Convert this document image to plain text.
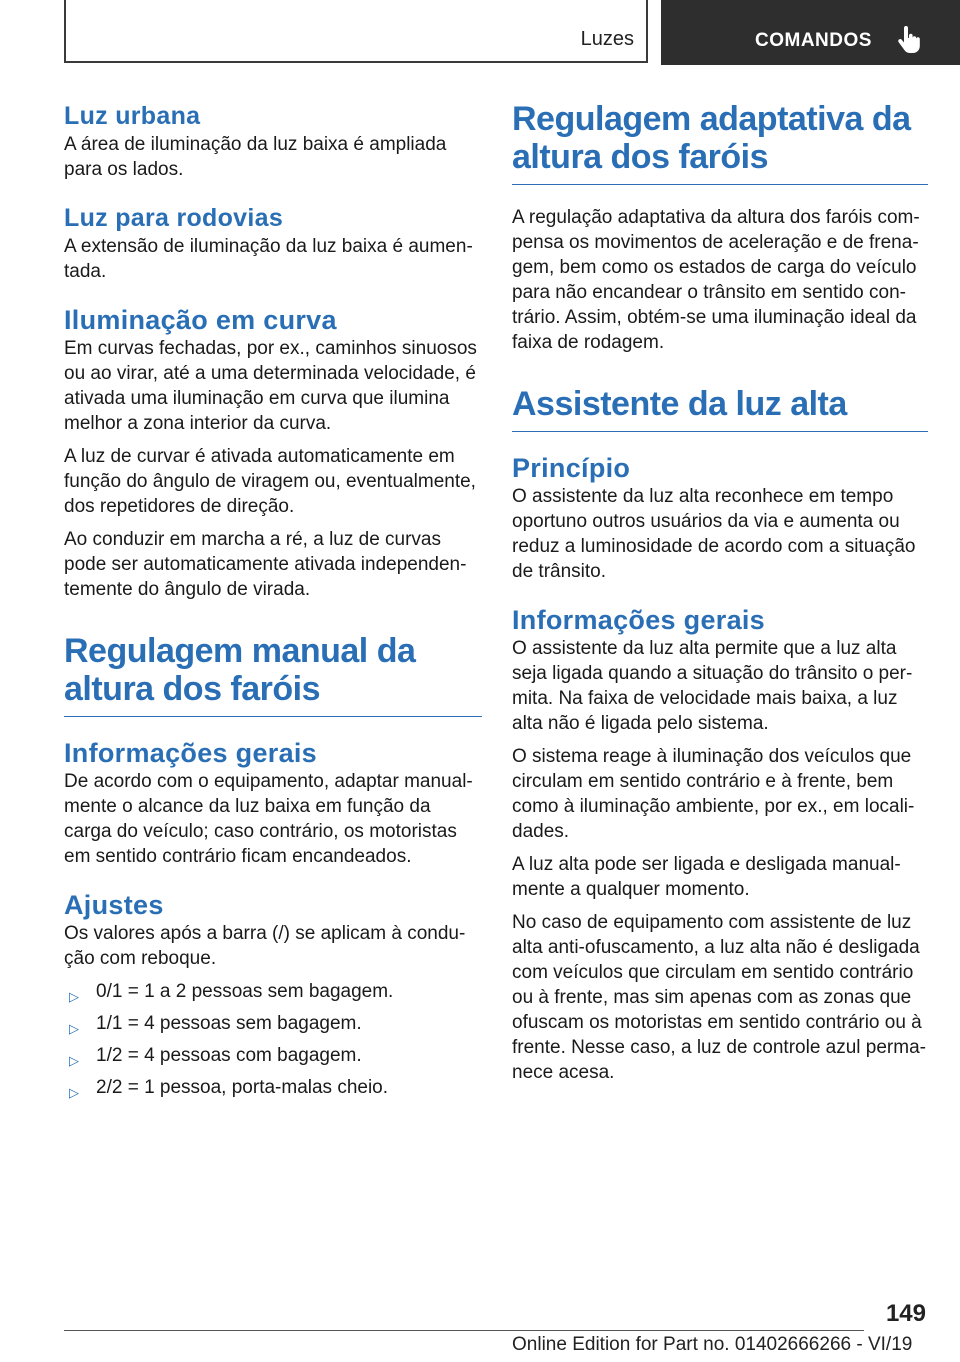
Luzes	COMANDOS
Luz urbana

A área de iluminação da luz baixa é ampliada para os lados.

Luz para rodovias

A extensão de iluminação da luz baixa é aumentada.

Iluminação em curva

Em curvas fechadas, por ex., caminhos sinuosos ou ao virar, até a uma determinada velocidade, é ativada uma iluminação em curva que ilumina melhor a zona interior da curva.

A luz de curvar é ativada automaticamente em função do ângulo de viragem ou, eventualmente, dos repetidores de direção.

Ao conduzir em marcha a ré, a luz de curvas pode ser automaticamente ativada independentemente do ângulo de virada.

Regulagem manual da altura dos faróis
Informações gerais

De acordo com o equipamento, adaptar manualmente o alcance da luz baixa em função da carga do veículo; caso contrário, os motoristas em sentido contrário ficam encandeados.

Ajustes

Os valores após a barra (/) se aplicam à condução com reboque.

▷ 0/1 = 1 a 2 pessoas sem bagagem.
▷ 1/1 = 4 pessoas sem bagagem.
▷ 1/2 = 4 pessoas com bagagem.
▷ 2/2 = 1 pessoa, porta-malas cheio.
Regulagem adaptativa da altura dos faróis

A regulação adaptativa da altura dos faróis compensa os movimentos de aceleração e de frenagem, bem como os estados de carga do veículo para não encandear o trânsito em sentido contrário. Assim, obtém-se uma iluminação ideal da faixa de rodagem.

Assistente da luz alta
Princípio

O assistente da luz alta reconhece em tempo oportuno outros usuários da via e aumenta ou reduz a luminosidade de acordo com a situação de trânsito.

Informações gerais

O assistente da luz alta permite que a luz alta seja ligada quando a situação do trânsito o permita. Na faixa de velocidade mais baixa, a luz alta não é ligada pelo sistema.

O sistema reage à iluminação dos veículos que circulam em sentido contrário e à frente, bem como à iluminação ambiente, por ex., em localidades.

A luz alta pode ser ligada e desligada manualmente a qualquer momento.

No caso de equipamento com assistente de luz alta anti-ofuscamento, a luz alta não é desligada com veículos que circulam em sentido contrário ou à frente, mas sim apenas com as zonas que ofuscam os motoristas em sentido contrário ou à frente. Nesse caso, a luz de controle azul permanece acesa.

149
Online Edition for Part no. 01402666266 - VI/19
